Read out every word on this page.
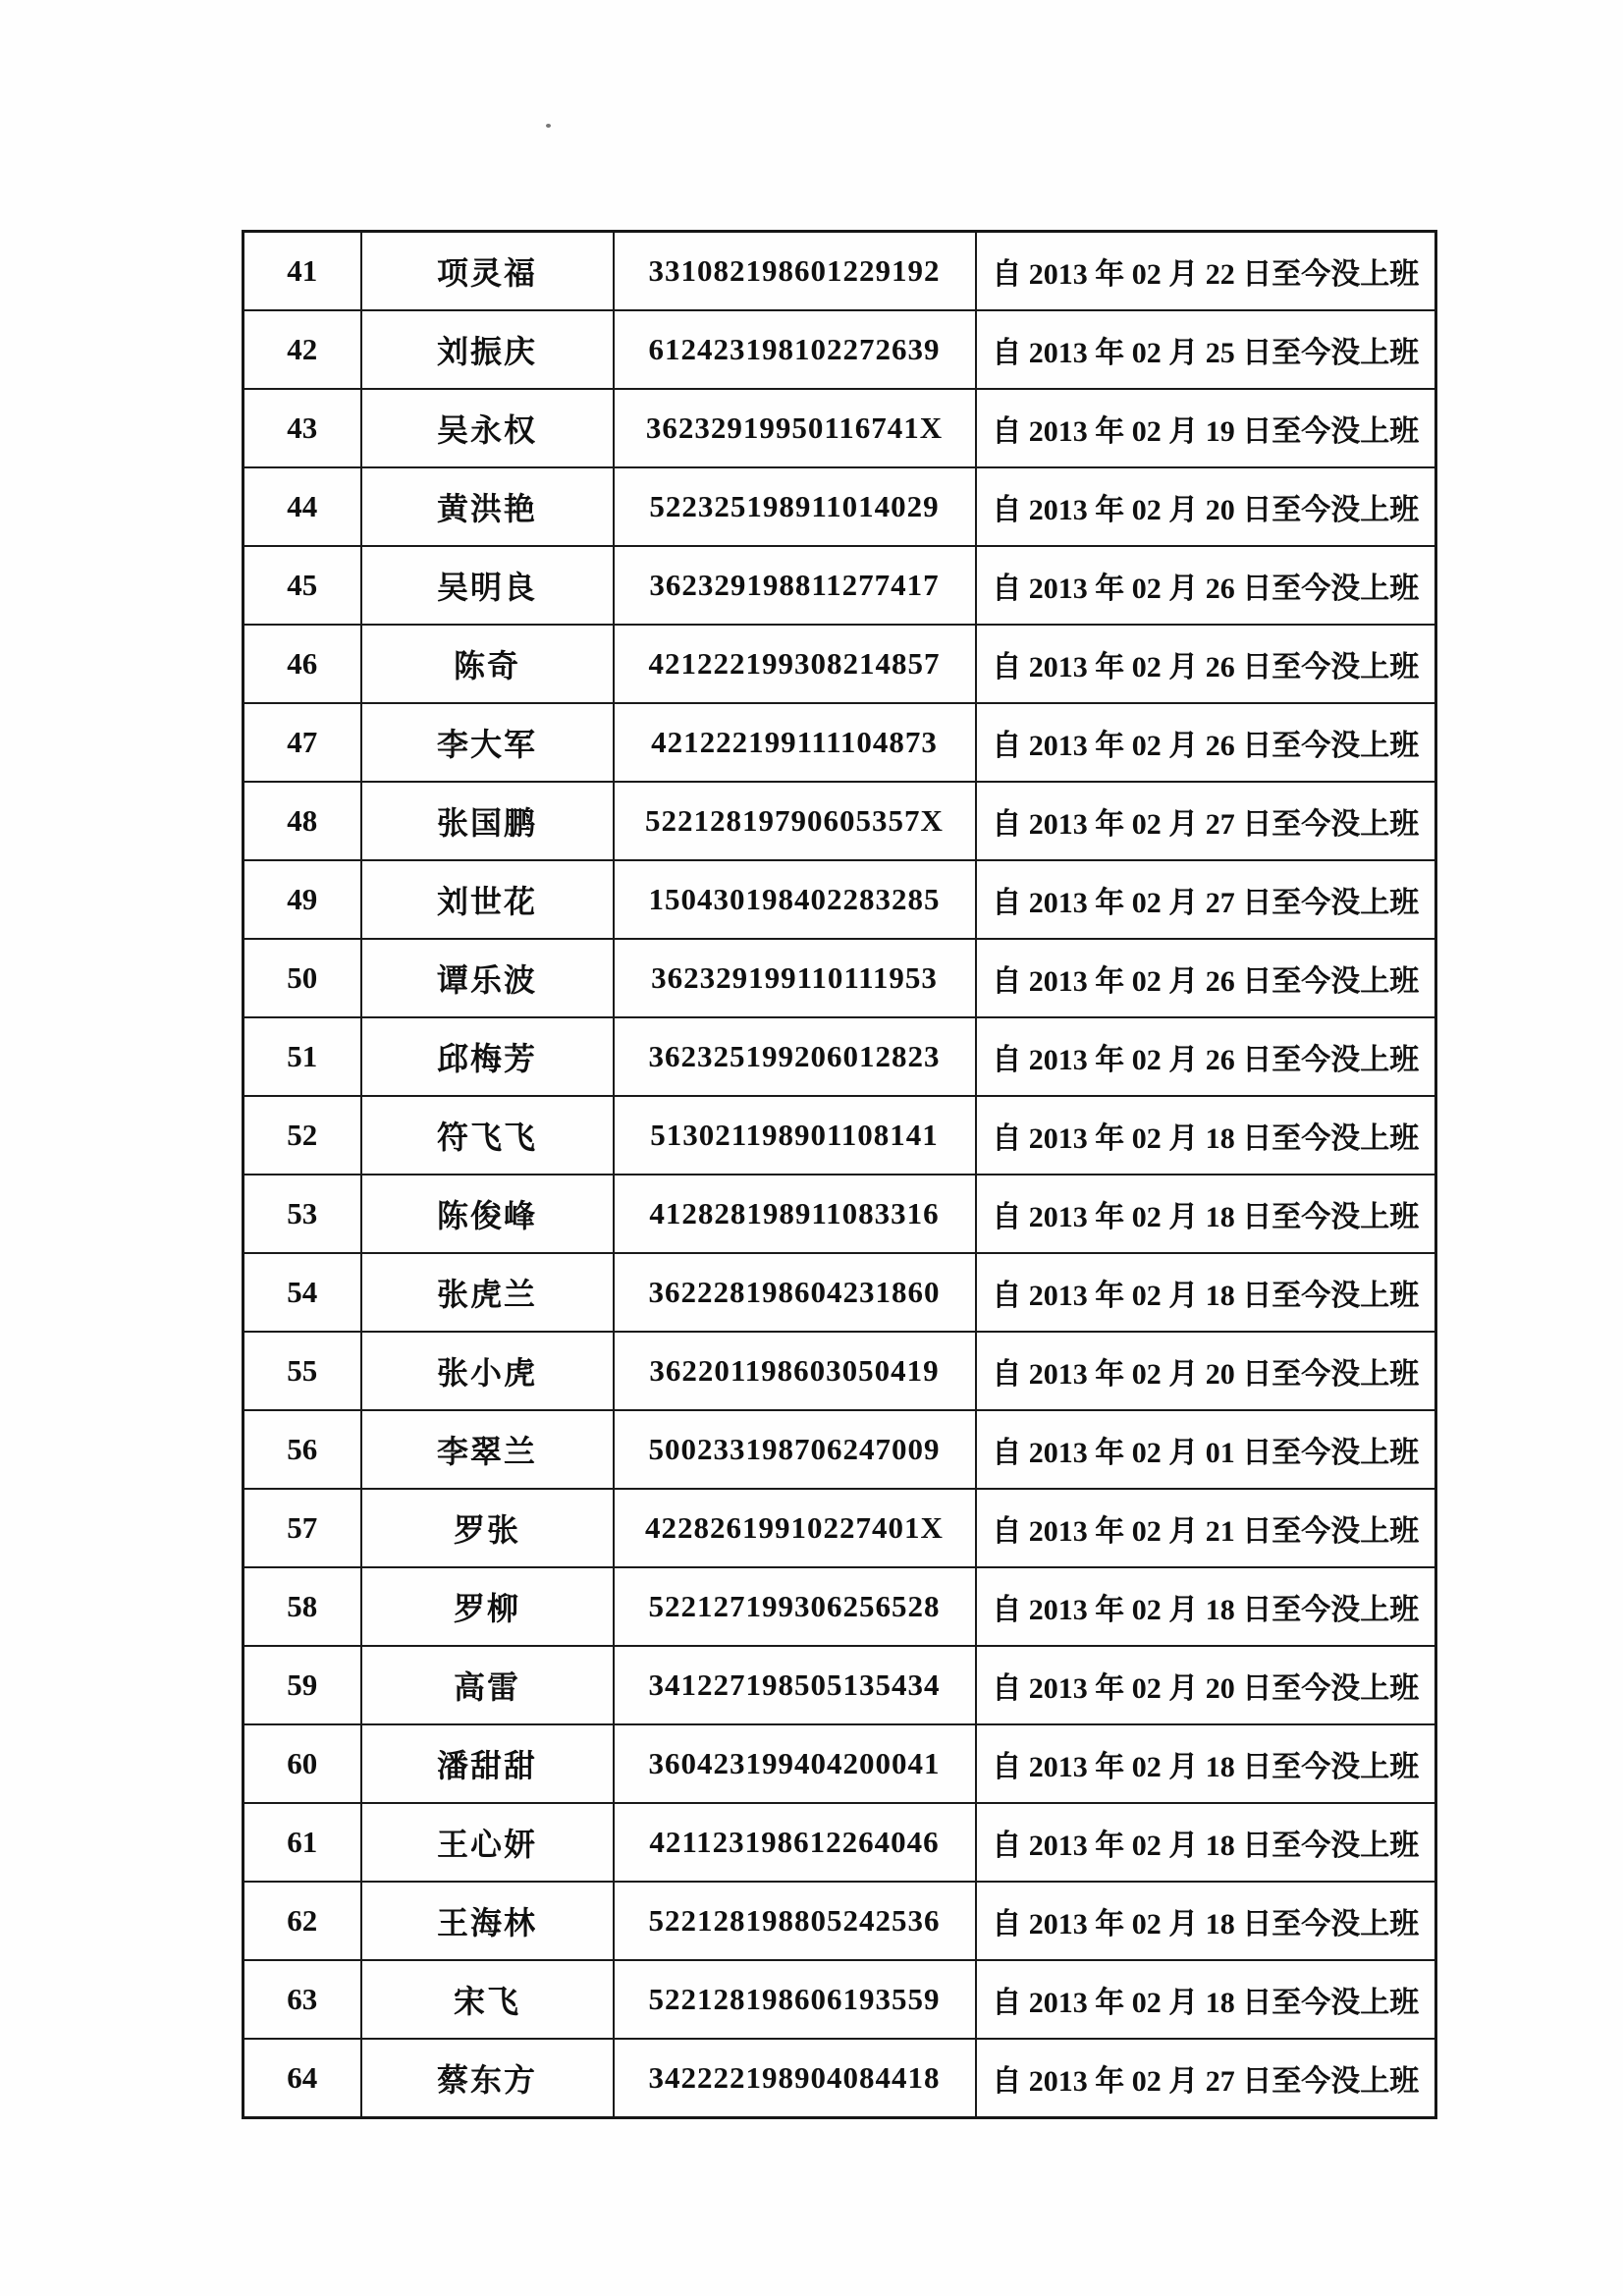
41	项灵福	331082198601229192	自 2013 年 02 月 22 日至今没上班
42	刘振庆	612423198102272639	自 2013 年 02 月 25 日至今没上班
43	吴永权	36232919950116741X	自 2013 年 02 月 19 日至今没上班
44	黄洪艳	522325198911014029	自 2013 年 02 月 20 日至今没上班
45	吴明良	362329198811277417	自 2013 年 02 月 26 日至今没上班
46	陈奇	421222199308214857	自 2013 年 02 月 26 日至今没上班
47	李大军	421222199111104873	自 2013 年 02 月 26 日至今没上班
48	张国鹏	52212819790605357X	自 2013 年 02 月 27 日至今没上班
49	刘世花	150430198402283285	自 2013 年 02 月 27 日至今没上班
50	谭乐波	362329199110111953	自 2013 年 02 月 26 日至今没上班
51	邱梅芳	362325199206012823	自 2013 年 02 月 26 日至今没上班
52	符飞飞	513021198901108141	自 2013 年 02 月 18 日至今没上班
53	陈俊峰	412828198911083316	自 2013 年 02 月 18 日至今没上班
54	张虎兰	362228198604231860	自 2013 年 02 月 18 日至今没上班
55	张小虎	362201198603050419	自 2013 年 02 月 20 日至今没上班
56	李翠兰	500233198706247009	自 2013 年 02 月 01 日至今没上班
57	罗张	42282619910227401X	自 2013 年 02 月 21 日至今没上班
58	罗柳	522127199306256528	自 2013 年 02 月 18 日至今没上班
59	高雷	341227198505135434	自 2013 年 02 月 20 日至今没上班
60	潘甜甜	360423199404200041	自 2013 年 02 月 18 日至今没上班
61	王心妍	421123198612264046	自 2013 年 02 月 18 日至今没上班
62	王海林	522128198805242536	自 2013 年 02 月 18 日至今没上班
63	宋飞	522128198606193559	自 2013 年 02 月 18 日至今没上班
64	蔡东方	342222198904084418	自 2013 年 02 月 27 日至今没上班
